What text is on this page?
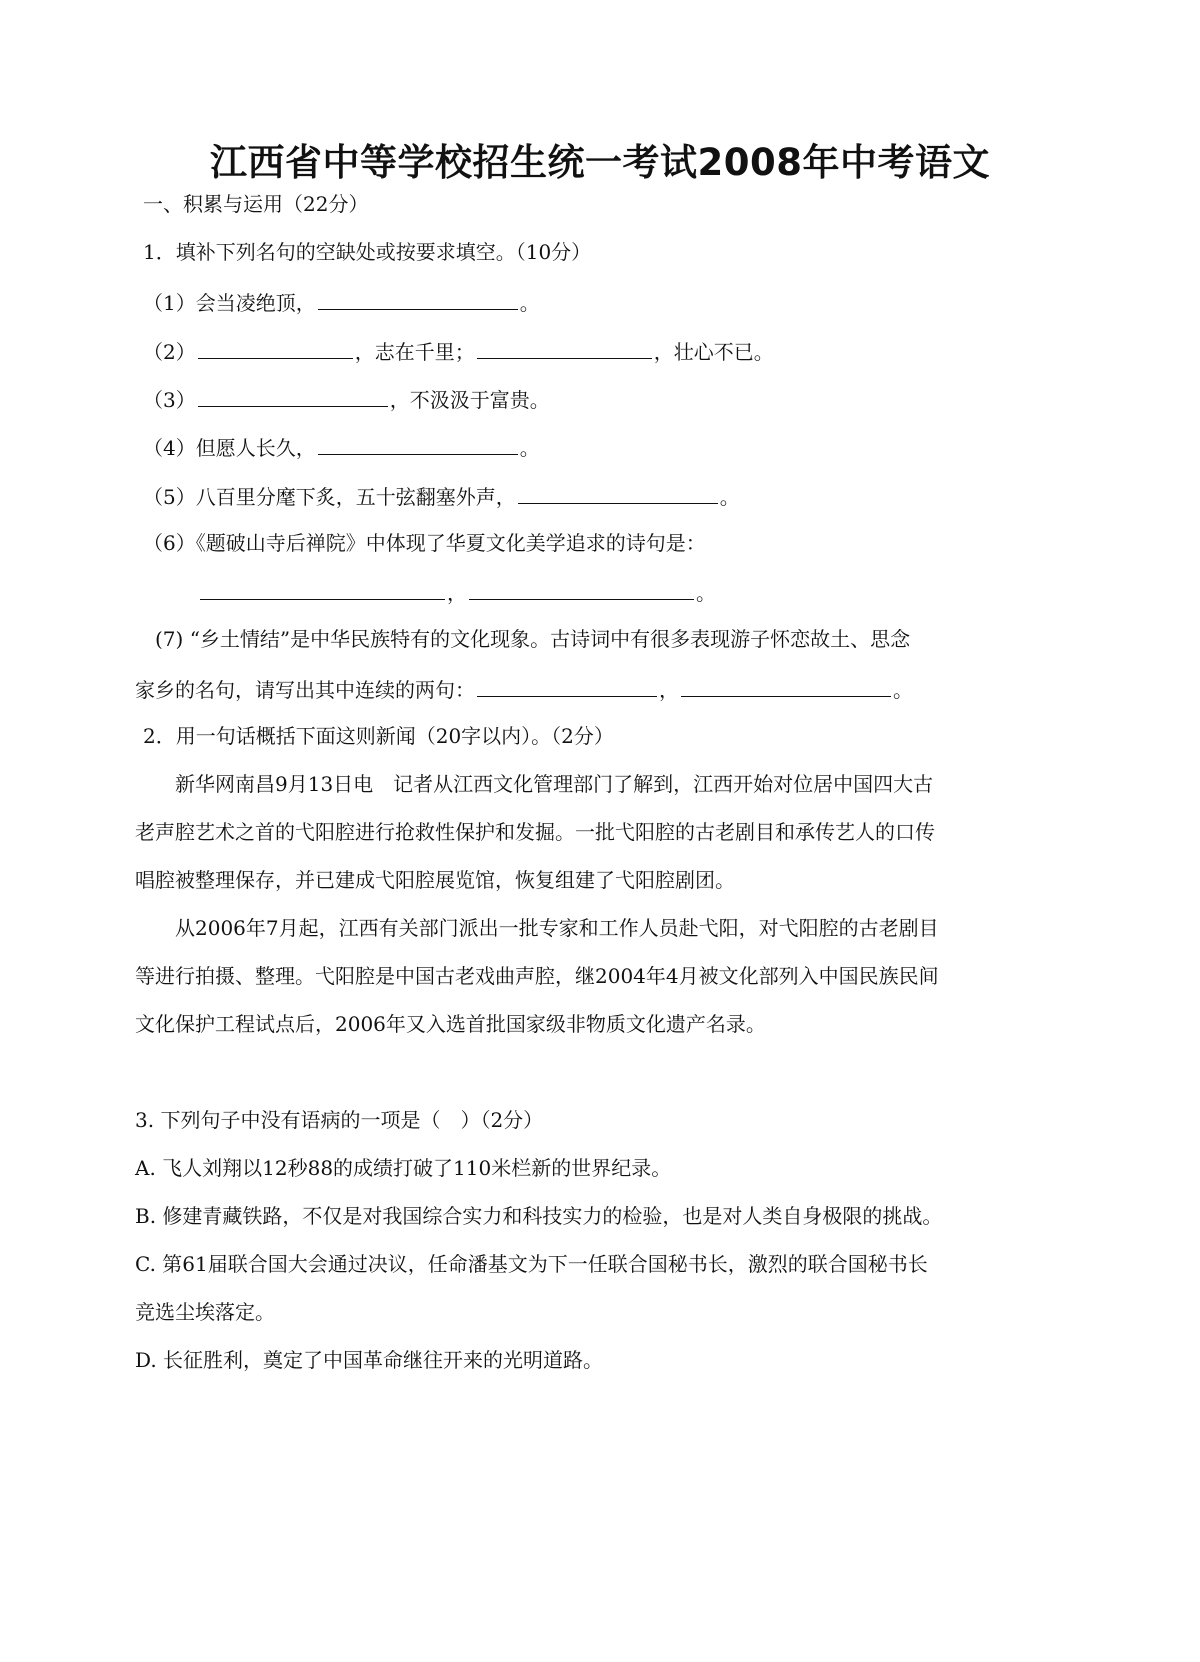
江西省中等学校招生统一考试2008年中考语文
一、积累与运用（22分）
1．填补下列名句的空缺处或按要求填空。（10分）
（1）会当凌绝顶，	。
（2）	，志在千里；	，壮心不已。
（3）	，不汲汲于富贵。
（4）但愿人长久，	。
（5）八百里分麾下炙，五十弦翻塞外声，	。
（6）《题破山寺后禅院》中体现了华夏文化美学追求的诗句是：
，	。
(7) “乡土情结”是中华民族特有的文化现象。古诗词中有很多表现游子怀恋故土、思念
家乡的名句，请写出其中连续的两句：	，	。
2．用一句话概括下面这则新闻（20字以内）。（2分）
新华网南昌9月13日电　记者从江西文化管理部门了解到，江西开始对位居中国四大古
老声腔艺术之首的弋阳腔进行抢救性保护和发掘。一批弋阳腔的古老剧目和承传艺人的口传
唱腔被整理保存，并已建成弋阳腔展览馆，恢复组建了弋阳腔剧团。
从2006年7月起，江西有关部门派出一批专家和工作人员赴弋阳，对弋阳腔的古老剧目
等进行拍摄、整理。弋阳腔是中国古老戏曲声腔，继2004年4月被文化部列入中国民族民间
文化保护工程试点后，2006年又入选首批国家级非物质文化遗产名录。
3. 下列句子中没有语病的一项是（　）（2分）
A. 飞人刘翔以12秒88的成绩打破了110米栏新的世界纪录。
B. 修建青藏铁路，不仅是对我国综合实力和科技实力的检验，也是对人类自身极限的挑战。
C. 第61届联合国大会通过决议，任命潘基文为下一任联合国秘书长，激烈的联合国秘书长
竞选尘埃落定。
D. 长征胜利，奠定了中国革命继往开来的光明道路。
